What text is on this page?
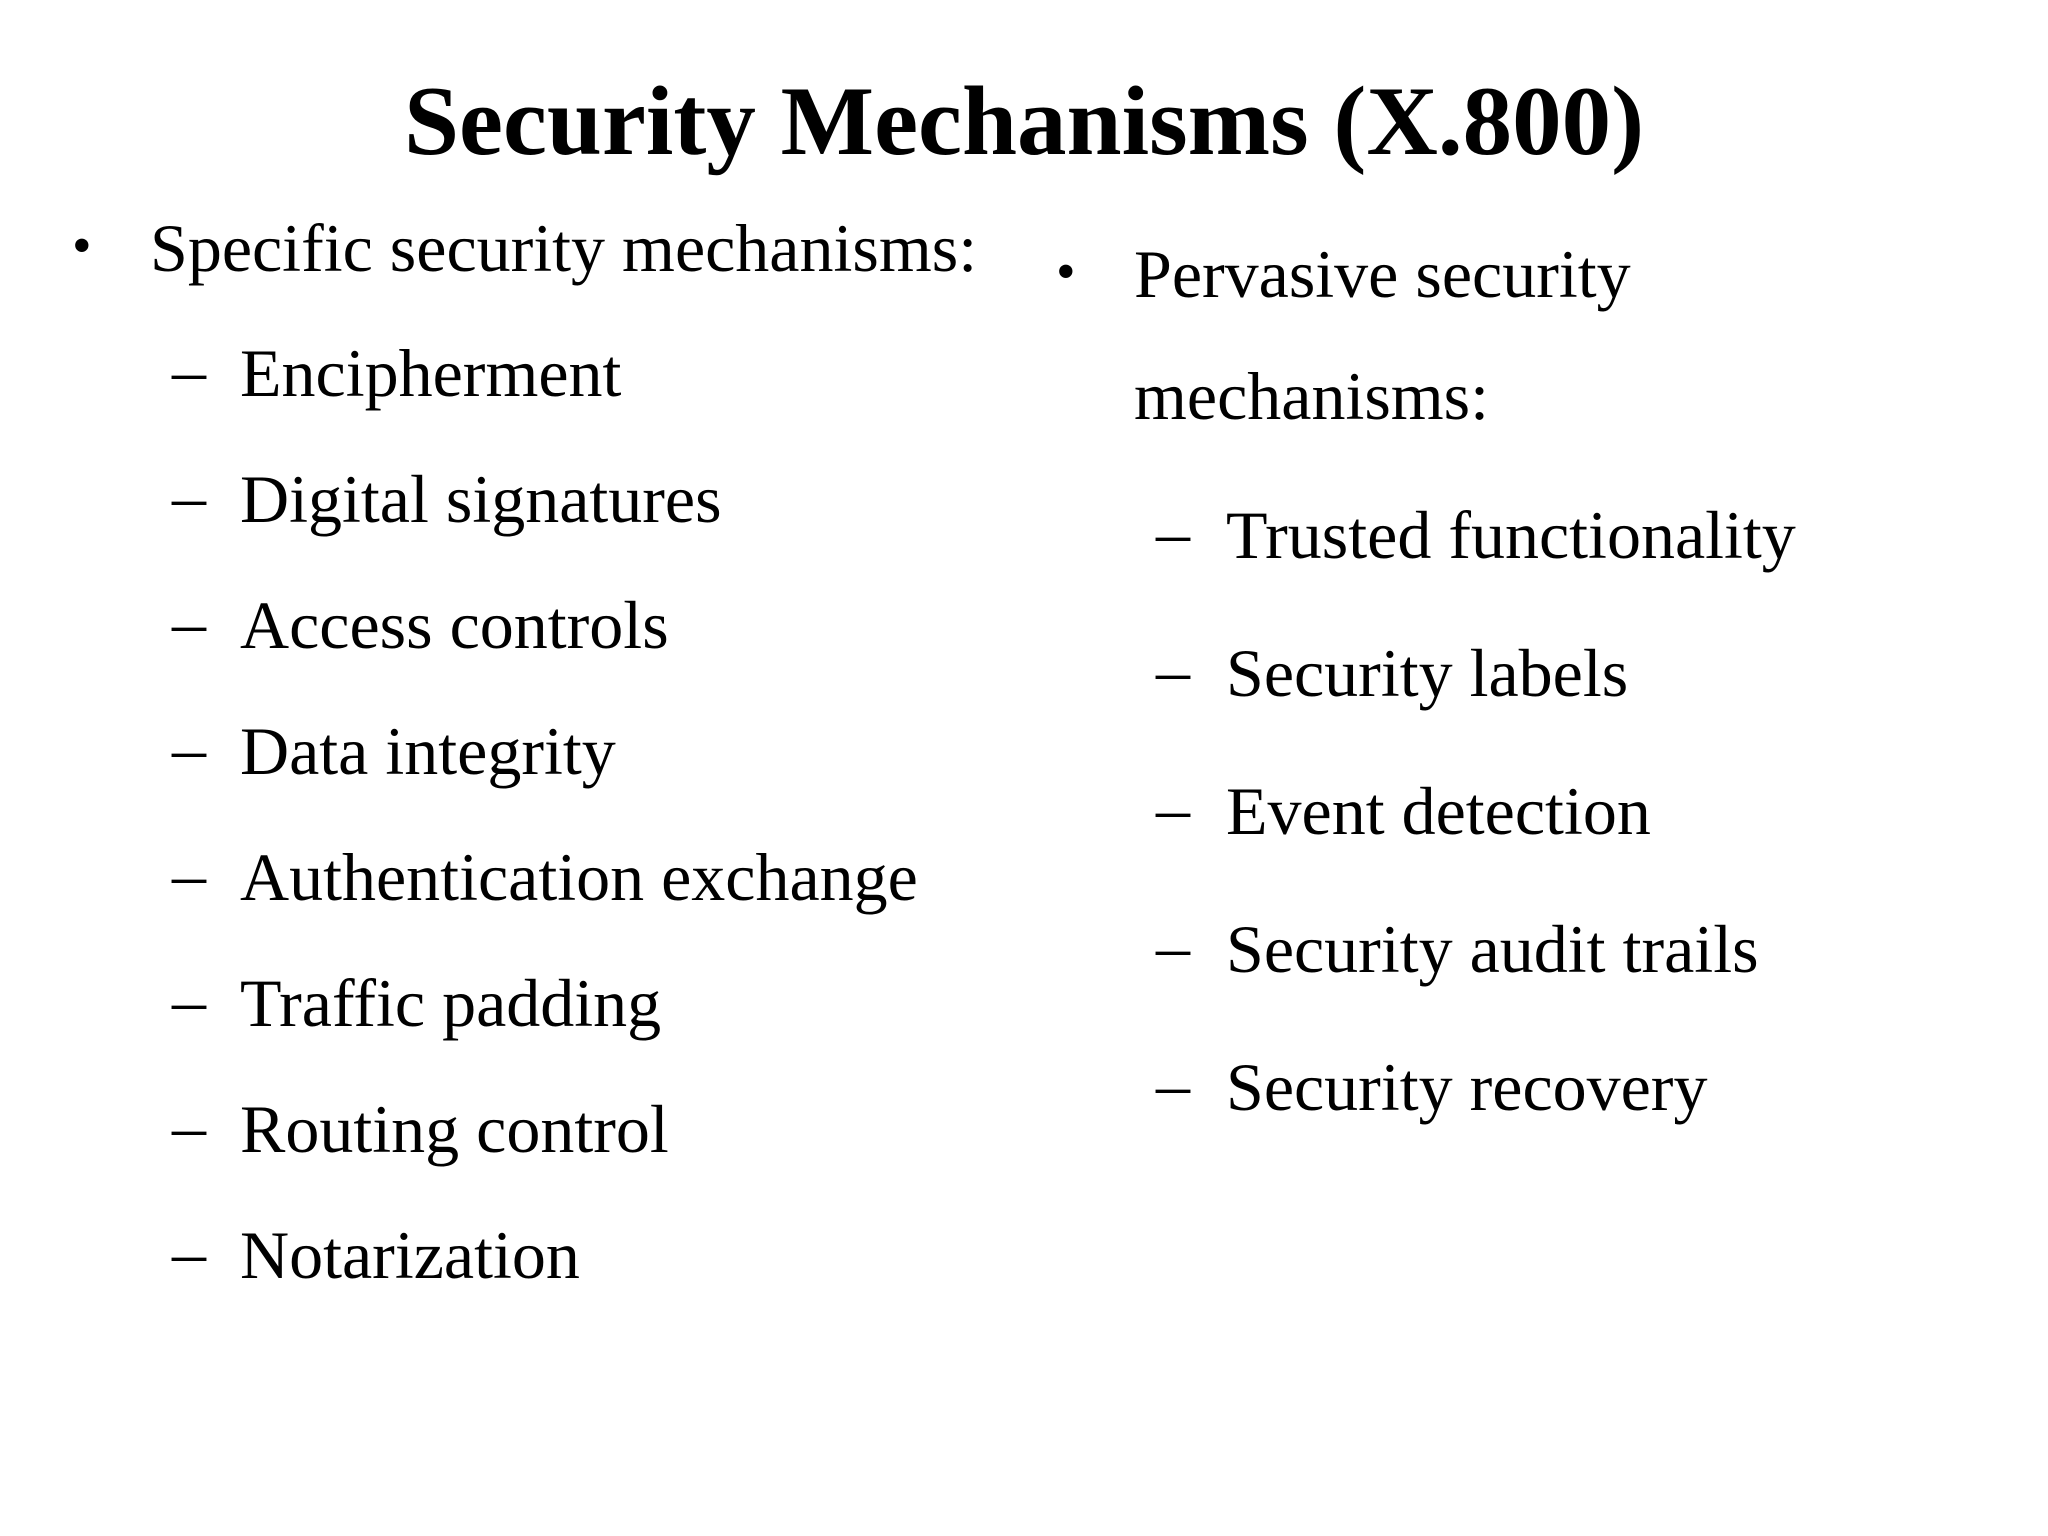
Security Mechanisms (X.800)
• Specific security mechanisms:
– Encipherment
– Digital signatures
– Access controls
– Data integrity
– Authentication exchange
– Traffic padding
– Routing control
– Notarization
• Pervasive security
mechanisms:
– Trusted functionality
– Security labels
– Event detection
– Security audit trails
– Security recovery
